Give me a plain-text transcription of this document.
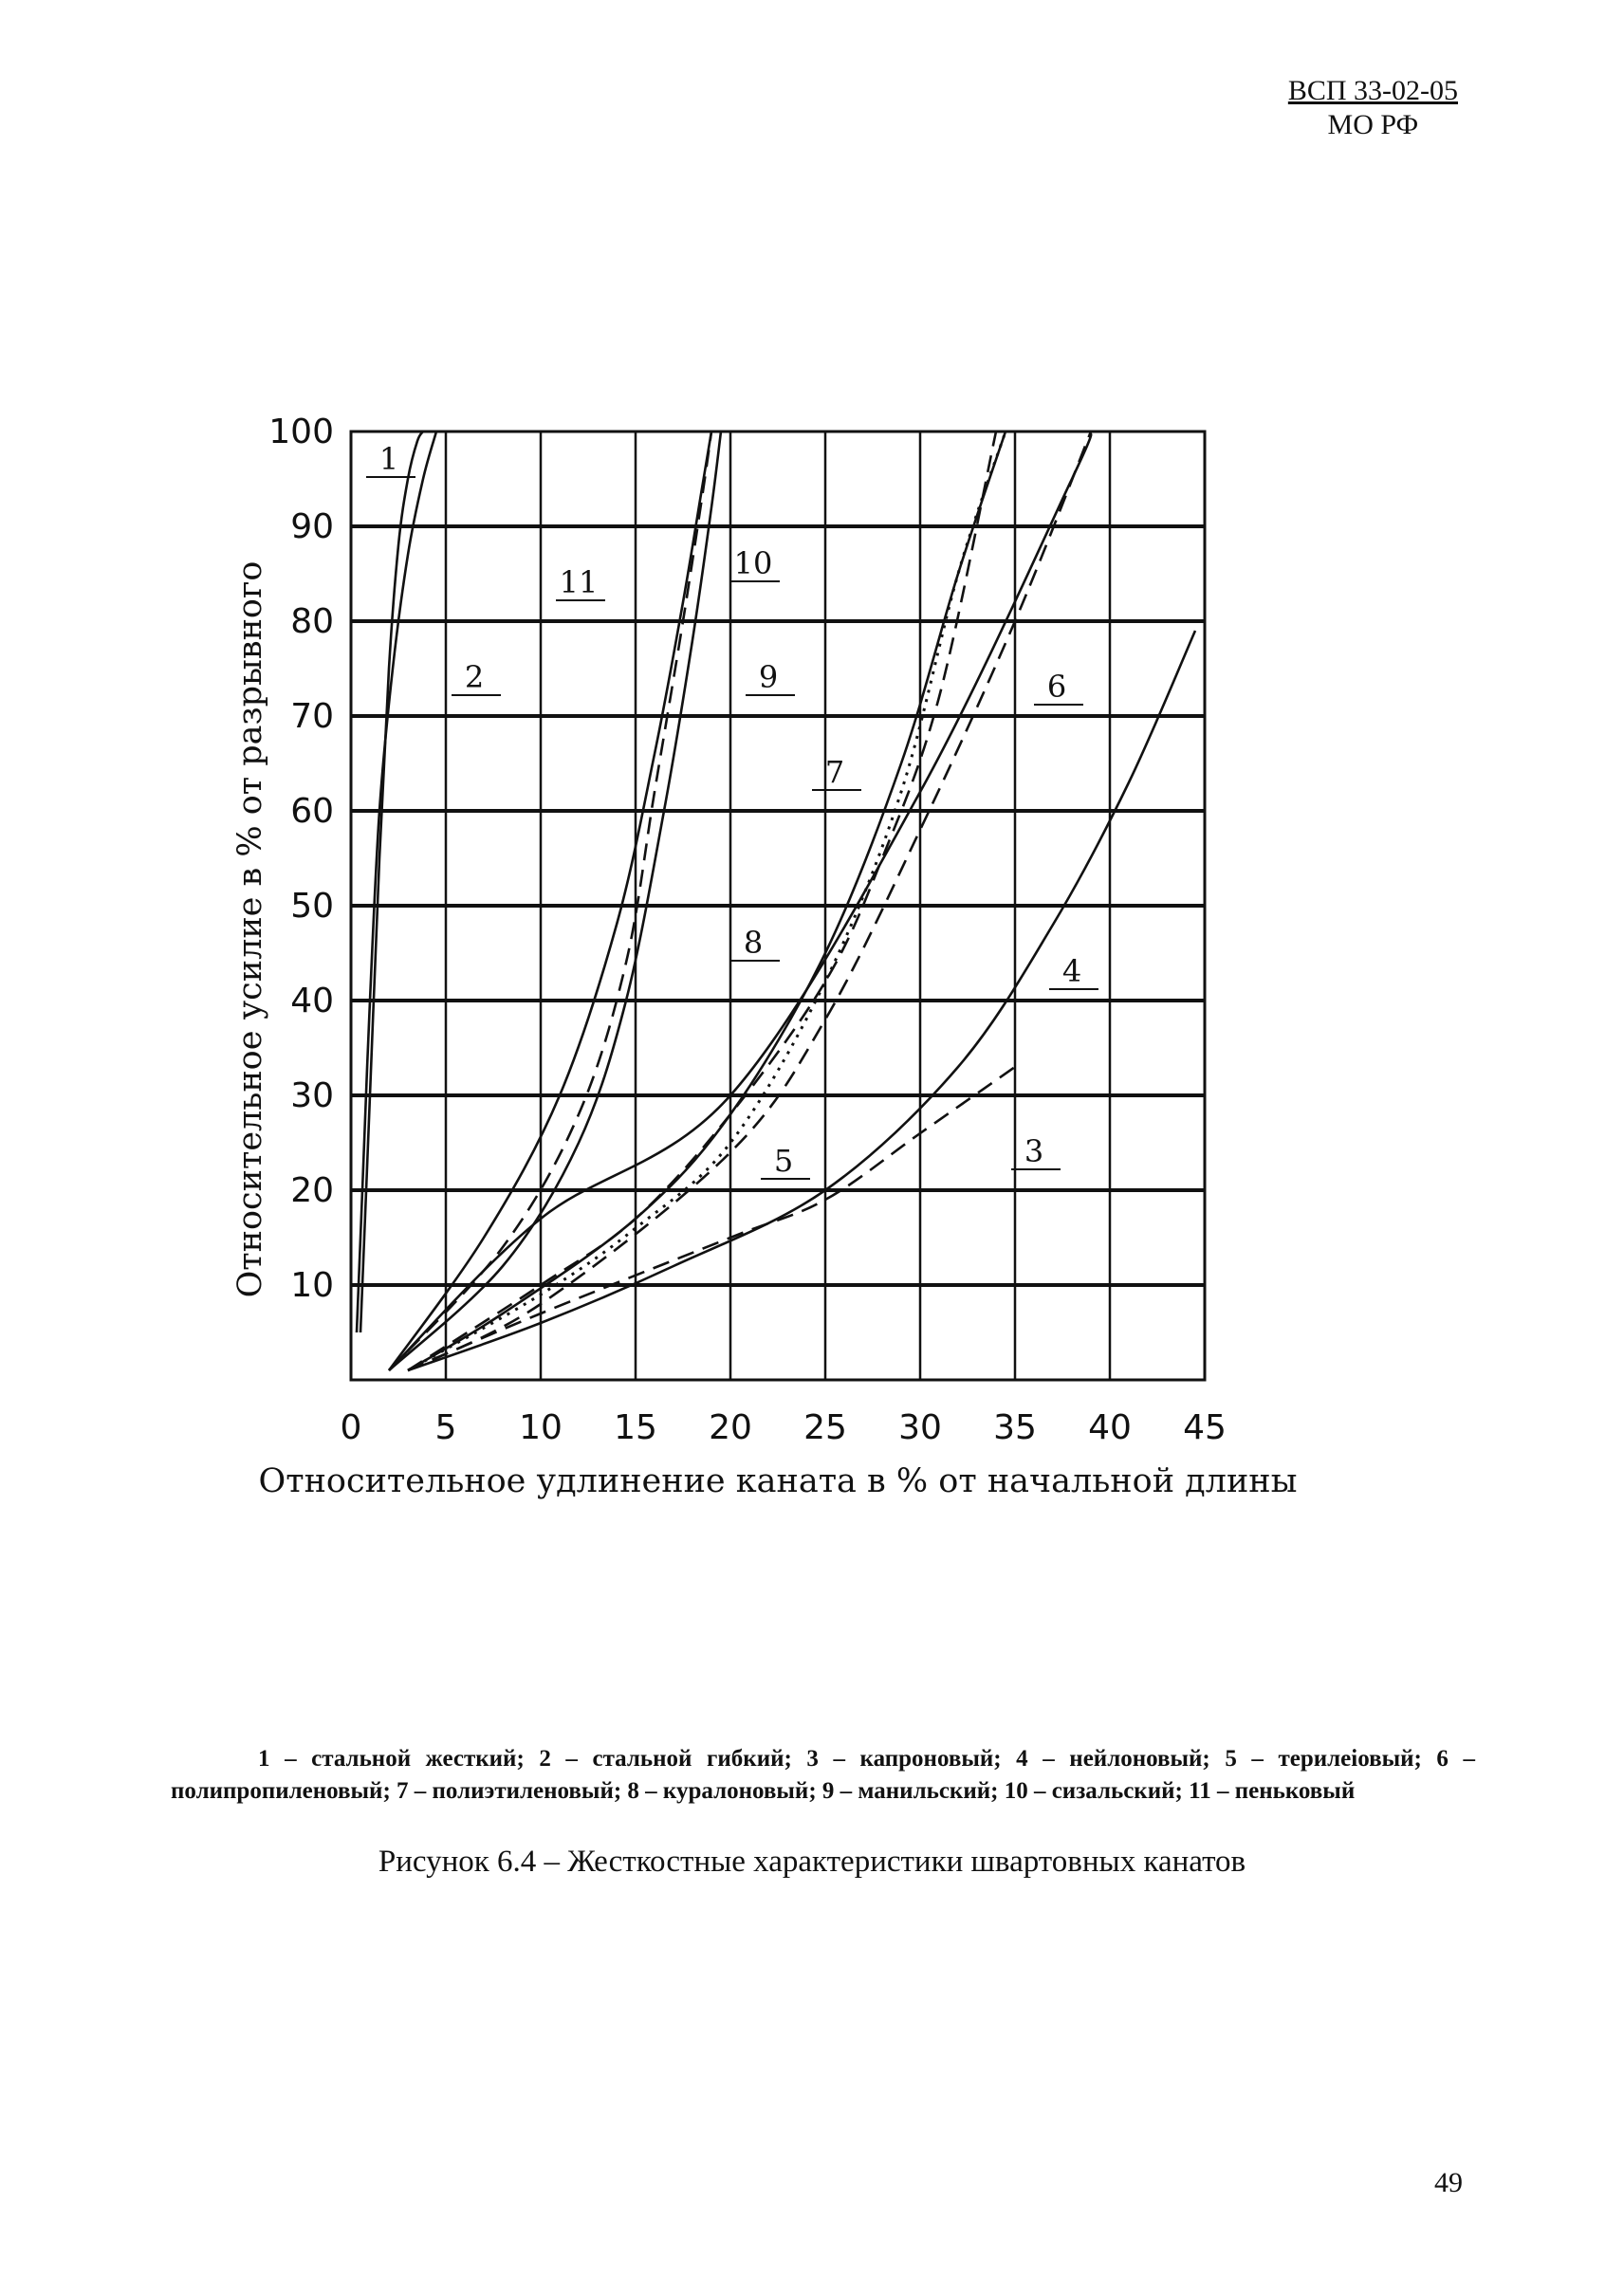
ВСП 33-02-05
МО РФ
1
2
3
4
5
6
7
8
9
10
11
0 5 10 15 20 25 30 35 40 45
10
20
30
40
50
60
70
80
90
100
Относительное удлинение каната в % от начальной длины
Относительное усилие в % от разрывного

1 – стальной жесткий; 2 – стальной гибкий; 3 – капроновый; 4 – нейлоновый; 5 – терилеіовый; 6 – полипропиленовый; 7 – полиэтиленовый; 8 – куралоновый; 9 – манильский; 10 – сизальский; 11 – пеньковый

Рисунок 6.4 – Жесткостные характеристики швартовных канатов
49
